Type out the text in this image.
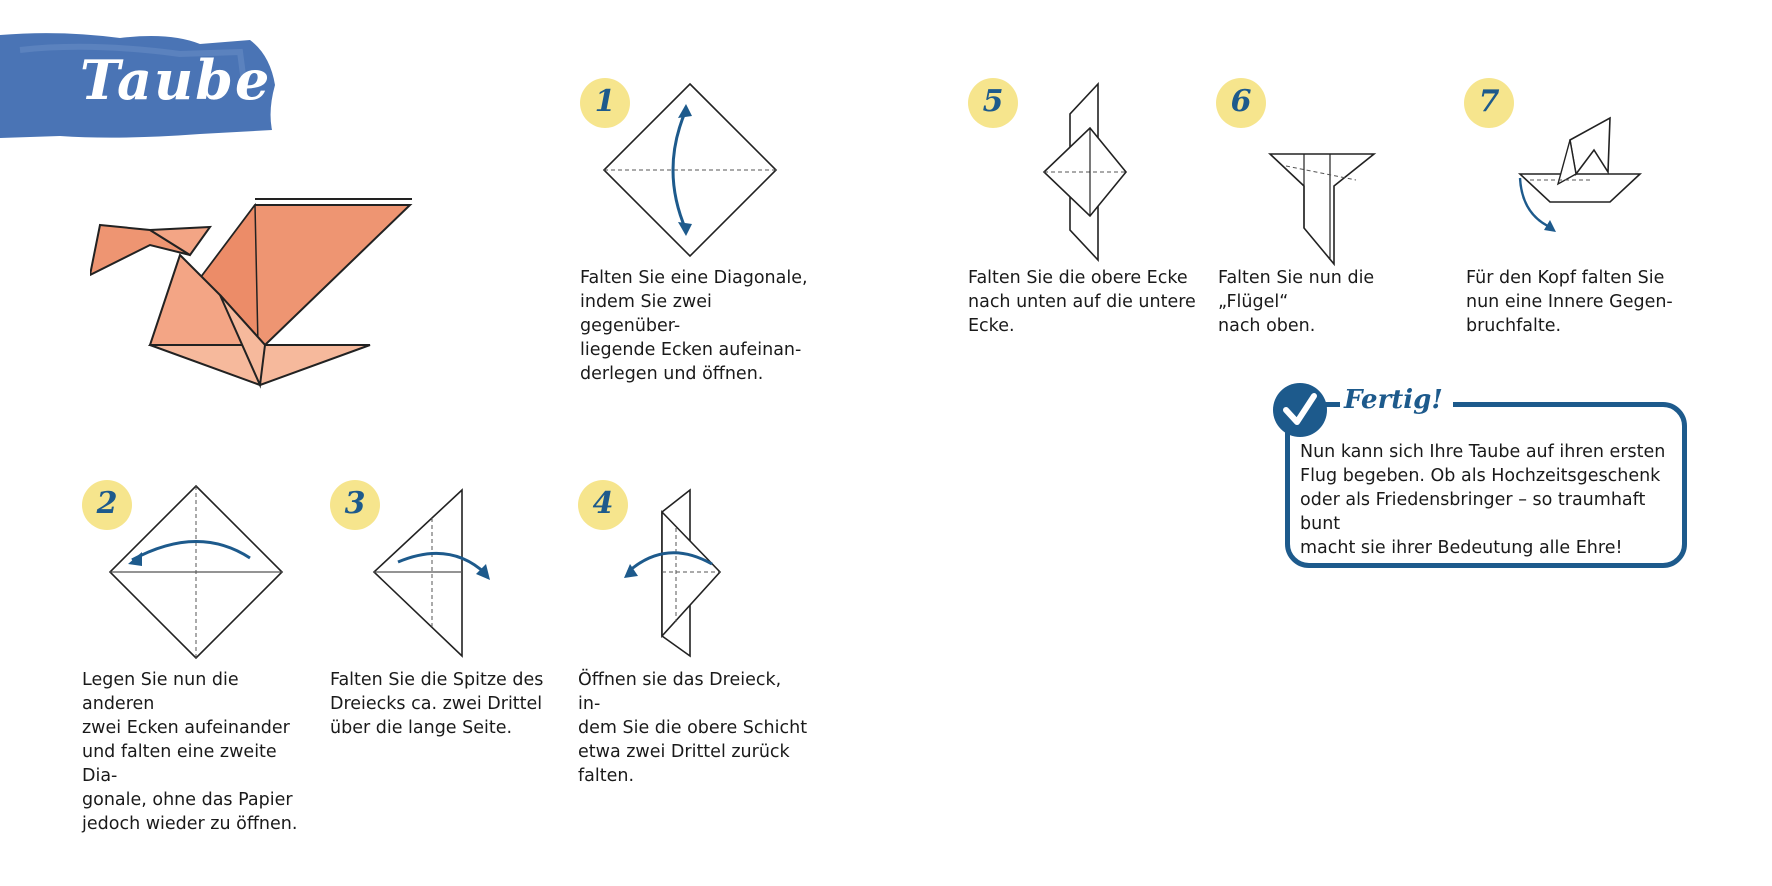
Taube	1
Falten Sie eine Diagonale,
indem Sie zwei gegenüber-
liegende Ecken aufeinan-
derlegen und öffnen.
5
Falten Sie die obere Ecke
nach unten auf die untere
Ecke.
6
Falten Sie nun die „Flügel“
nach oben.
7
Für den Kopf falten Sie
nun eine Innere Gegen-
bruchfalte.
2
Legen Sie nun die anderen
zwei Ecken aufeinander
und falten eine zweite Dia-
gonale, ohne das Papier
jedoch wieder zu öffnen.
3
Falten Sie die Spitze des
Dreiecks ca. zwei Drittel
über die lange Seite.
4
Öffnen sie das Dreieck, in-
dem Sie die obere Schicht
etwa zwei Drittel zurück
falten.
Fertig!
Nun kann sich Ihre Taube auf ihren ersten
Flug begeben. Ob als Hochzeitsgeschenk
oder als Friedensbringer – so traumhaft bunt
macht sie ihrer Bedeutung alle Ehre!
